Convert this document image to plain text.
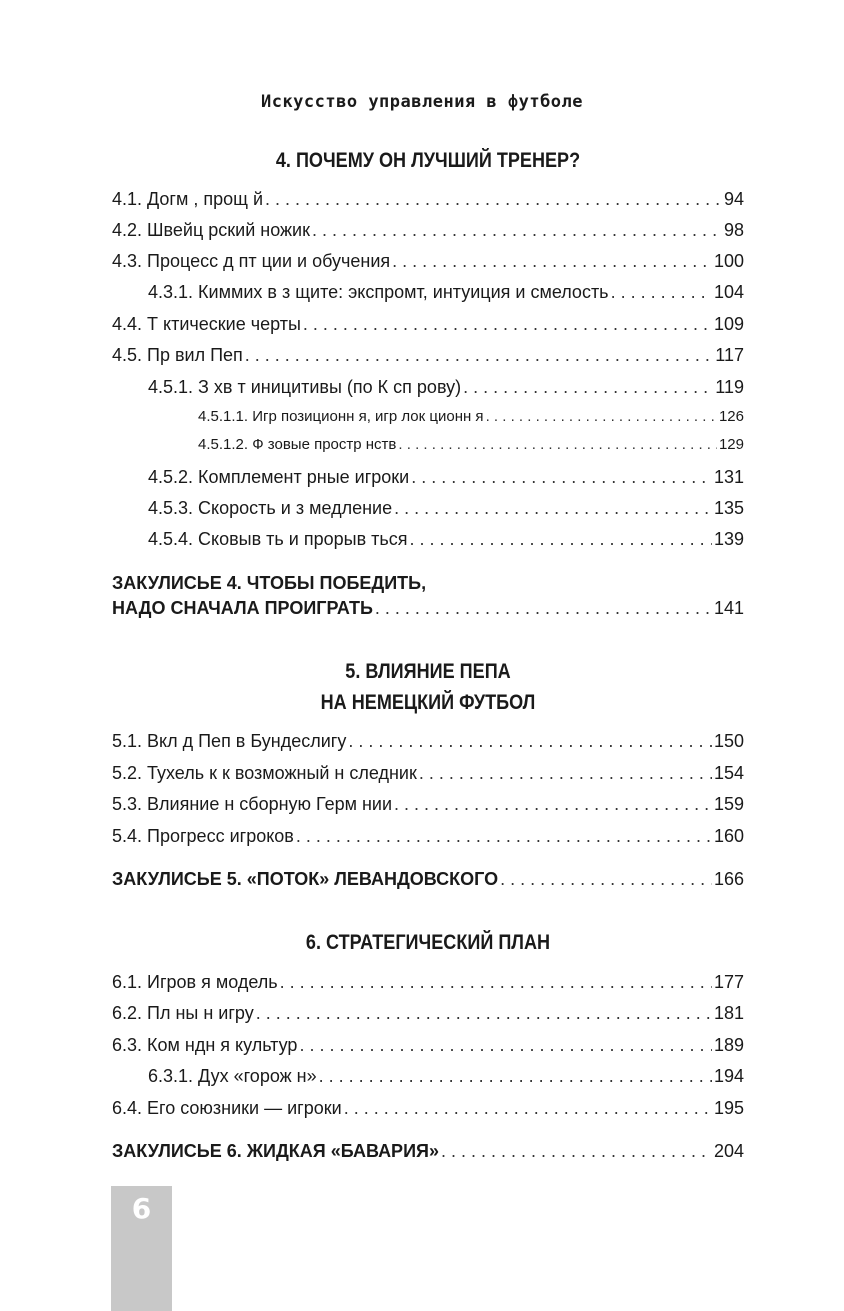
Искусство управления в футболе
4. ПОЧЕМУ ОН ЛУЧШИЙ ТРЕНЕР?
4.1. Догм , прощ й . . .	94
4.2. Швейц рский ножик . . .	98
4.3. Процесс д пт ции и обучения . . .	100
4.3.1. Киммих в з щите: экспромт, интуиция и смелость . . .	104
4.4. Т ктические черты . . .	109
4.5. Пр вил Пеп . . .	117
4.5.1. З хв т иницитивы (по К сп рову) . . .	119
4.5.1.1. Игр позиционн я, игр лок ционн я . . .	126
4.5.1.2. Ф зовые простр нств . . .	129
4.5.2. Комплемент рные игроки . . .	131
4.5.3. Скорость и з медление . . .	135
4.5.4. Сковыв ть и прорыв ться . . .	139
ЗАКУЛИСЬЕ 4. ЧТОБЫ ПОБЕДИТЬ,
НАДО СНАЧАЛА ПРОИГРАТЬ . . .	141
5. ВЛИЯНИЕ ПЕПА
НА НЕМЕЦКИЙ ФУТБОЛ
5.1. Вкл д Пеп в Бундеслигу . . .	150
5.2. Тухель к к возможный н следник . . .	154
5.3. Влияние н сборную Герм нии . . .	159
5.4. Прогресс игроков . . .	160
ЗАКУЛИСЬЕ 5. «ПОТОК» ЛЕВАНДОВСКОГО . . .	166
6. СТРАТЕГИЧЕСКИЙ ПЛАН
6.1. Игров я модель . . .	177
6.2. Пл ны н игру . . .	181
6.3. Ком ндн я культур . . .	189
6.3.1. Дух «горож н» . . .	194
6.4. Его союзники — игроки . . .	195
ЗАКУЛИСЬЕ 6. ЖИДКАЯ «БАВАРИЯ» . . .	204
6
